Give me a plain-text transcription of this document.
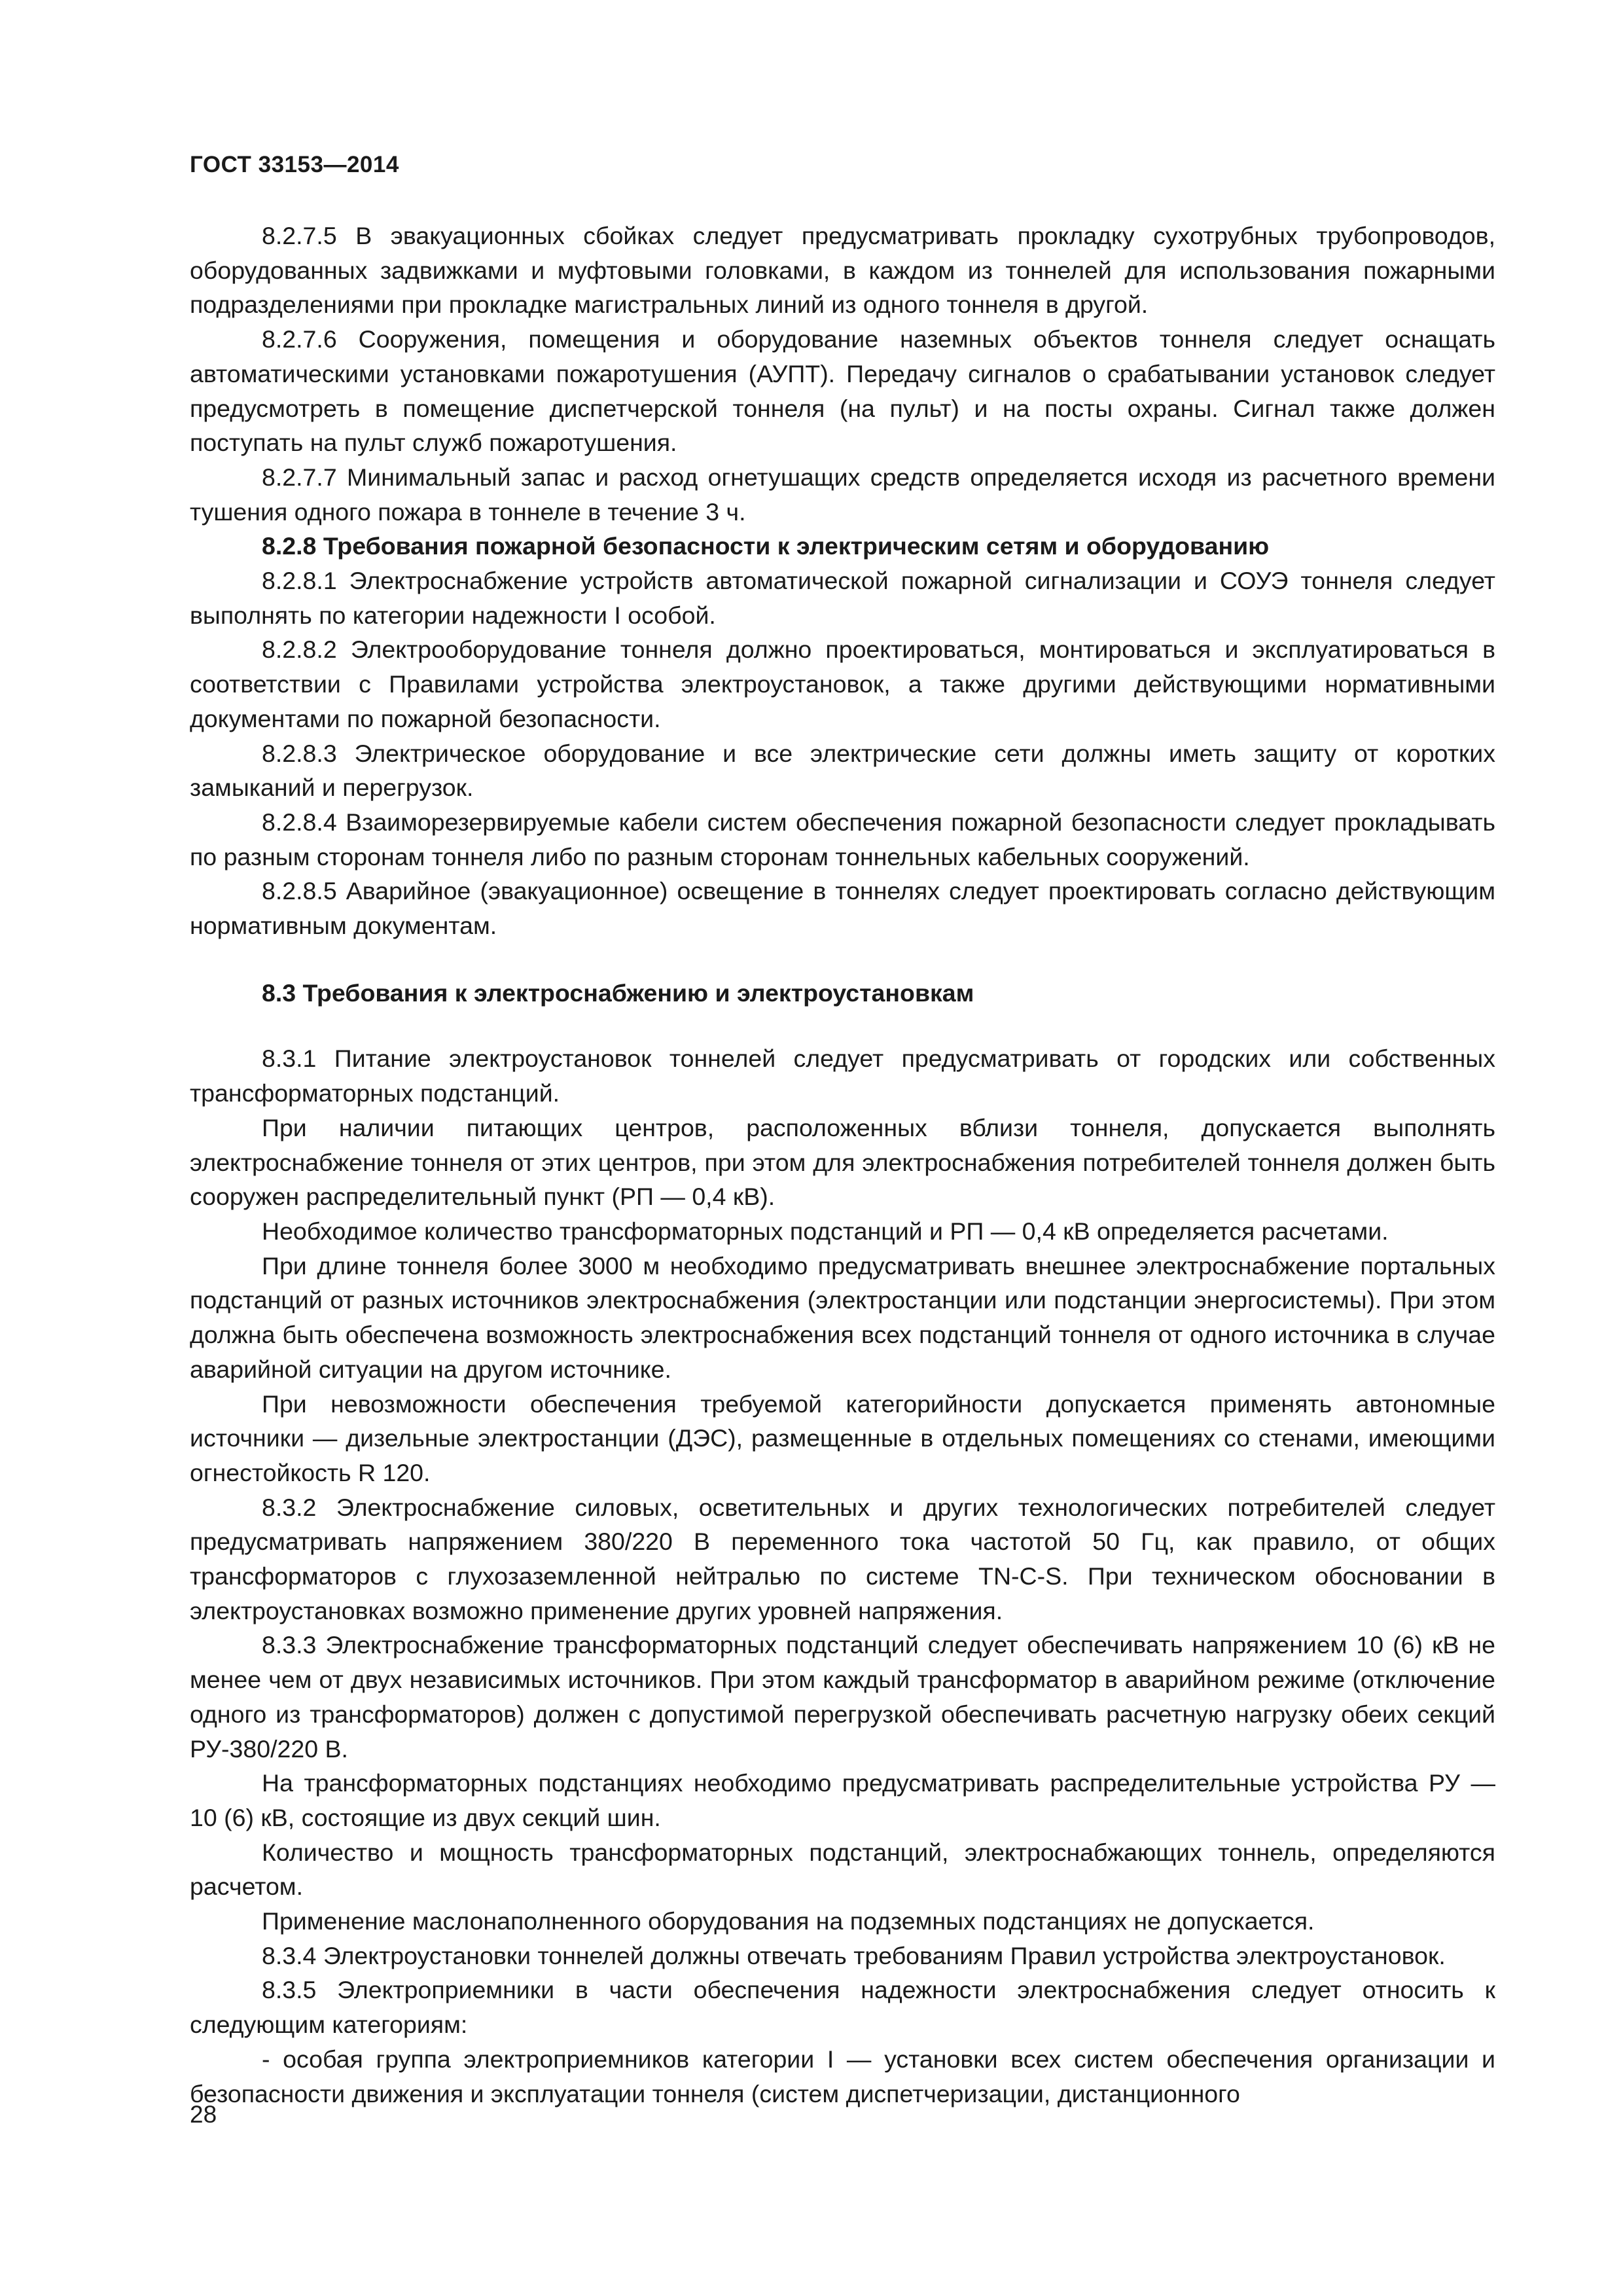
ГОСТ 33153—2014

8.2.7.5 В эвакуационных сбойках следует предусматривать прокладку сухотрубных трубопроводов, оборудованных задвижками и муфтовыми головками, в каждом из тоннелей для использования пожарными подразделениями при прокладке магистральных линий из одного тоннеля в другой.

8.2.7.6 Сооружения, помещения и оборудование наземных объектов тоннеля следует оснащать автоматическими установками пожаротушения (АУПТ). Передачу сигналов о срабатывании установок следует предусмотреть в помещение диспетчерской тоннеля (на пульт) и на посты охраны. Сигнал также должен поступать на пульт служб пожаротушения.

8.2.7.7 Минимальный запас и расход огнетушащих средств определяется исходя из расчетного времени тушения одного пожара в тоннеле в течение 3 ч.

8.2.8 Требования пожарной безопасности к электрическим сетям и оборудованию

8.2.8.1 Электроснабжение устройств автоматической пожарной сигнализации и СОУЭ тоннеля следует выполнять по категории надежности I особой.

8.2.8.2 Электрооборудование тоннеля должно проектироваться, монтироваться и эксплуатироваться в соответствии с Правилами устройства электроустановок, а также другими действующими нормативными документами по пожарной безопасности.

8.2.8.3 Электрическое оборудование и все электрические сети должны иметь защиту от коротких замыканий и перегрузок.

8.2.8.4 Взаиморезервируемые кабели систем обеспечения пожарной безопасности следует прокладывать по разным сторонам тоннеля либо по разным сторонам тоннельных кабельных сооружений.

8.2.8.5 Аварийное (эвакуационное) освещение в тоннелях следует проектировать согласно действующим нормативным документам.

8.3 Требования к электроснабжению и электроустановкам

8.3.1 Питание электроустановок тоннелей следует предусматривать от городских или собственных трансформаторных подстанций.

При наличии питающих центров, расположенных вблизи тоннеля, допускается выполнять электроснабжение тоннеля от этих центров, при этом для электроснабжения потребителей тоннеля должен быть сооружен распределительный пункт (РП — 0,4 кВ).

Необходимое количество трансформаторных подстанций и РП — 0,4 кВ определяется расчетами.

При длине тоннеля более 3000 м необходимо предусматривать внешнее электроснабжение портальных подстанций от разных источников электроснабжения (электростанции или подстанции энергосистемы). При этом должна быть обеспечена возможность электроснабжения всех подстанций тоннеля от одного источника в случае аварийной ситуации на другом источнике.

При невозможности обеспечения требуемой категорийности допускается применять автономные источники — дизельные электростанции (ДЭС), размещенные в отдельных помещениях со стенами, имеющими огнестойкость R 120.

8.3.2 Электроснабжение силовых, осветительных и других технологических потребителей следует предусматривать напряжением 380/220 В переменного тока частотой 50 Гц, как правило, от общих трансформаторов с глухозаземленной нейтралью по системе TN-C-S. При техническом обосновании в электроустановках возможно применение других уровней напряжения.

8.3.3 Электроснабжение трансформаторных подстанций следует обеспечивать напряжением 10 (6) кВ не менее чем от двух независимых источников. При этом каждый трансформатор в аварийном режиме (отключение одного из трансформаторов) должен с допустимой перегрузкой обеспечивать расчетную нагрузку обеих секций РУ-380/220 В.

На трансформаторных подстанциях необходимо предусматривать распределительные устройства РУ — 10 (6) кВ, состоящие из двух секций шин.

Количество и мощность трансформаторных подстанций, электроснабжающих тоннель, определяются расчетом.

Применение маслонаполненного оборудования на подземных подстанциях не допускается.

8.3.4 Электроустановки тоннелей должны отвечать требованиям Правил устройства электроустановок.

8.3.5 Электроприемники в части обеспечения надежности электроснабжения следует относить к следующим категориям:

- особая группа электроприемников категории I — установки всех систем обеспечения организации и безопасности движения и эксплуатации тоннеля (систем диспетчеризации, дистанционного

28
